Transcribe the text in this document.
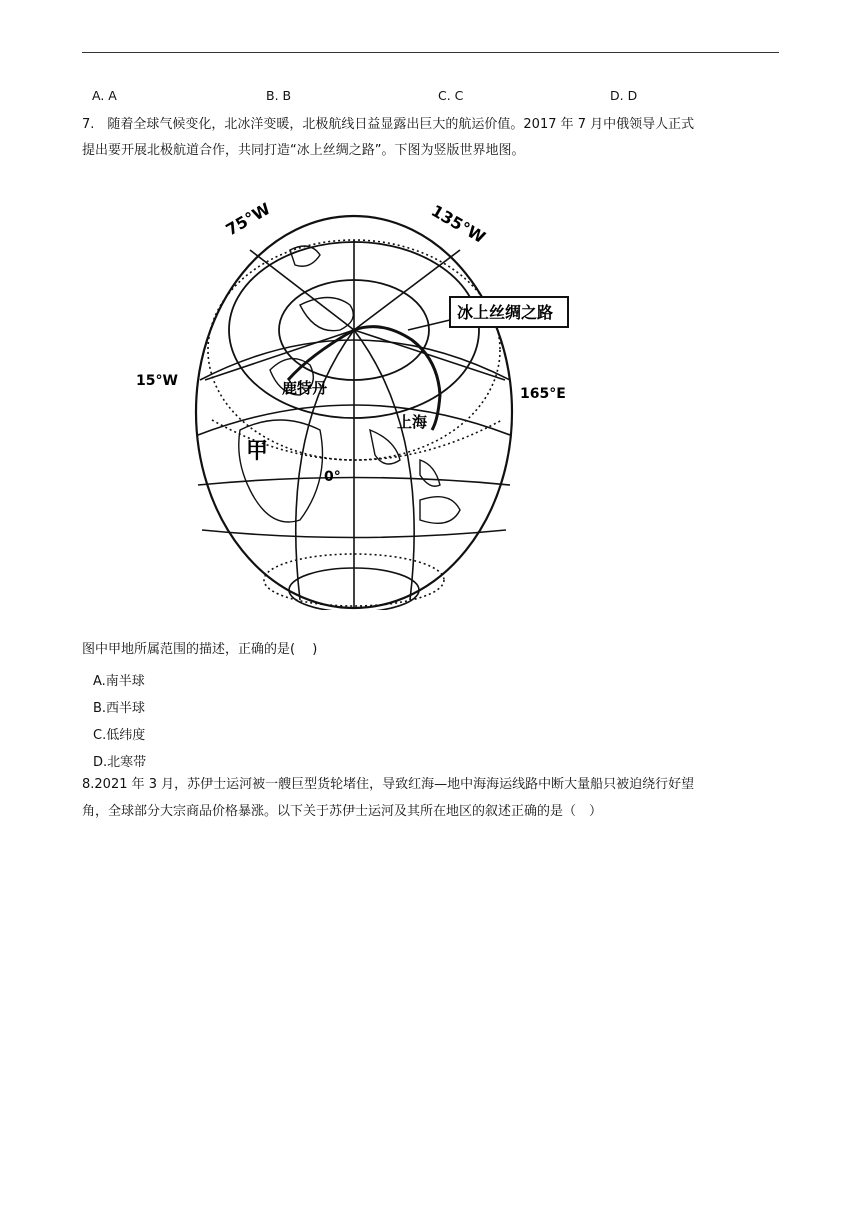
A. A	B. B	C. C	D. D
7.　随着全球气候变化，北冰洋变暖，北极航线日益显露出巨大的航运价值。2017 年 7 月中俄领导人正式
提出要开展北极航道合作，共同打造“冰上丝绸之路”。下图为竖版世界地图。
冰上丝绸之路
75°W	135°W
15°W
165°E
鹿特丹
上海
甲
0°
图中甲地所属范围的描述，正确的是(　 )
A.南半球
B.西半球
C.低纬度
D.北寒带
8.2021 年 3 月，苏伊士运河被一艘巨型货轮堵住，导致红海—地中海海运线路中断大量船只被迫绕行好望
角，全球部分大宗商品价格暴涨。以下关于苏伊士运河及其所在地区的叙述正确的是（　）
